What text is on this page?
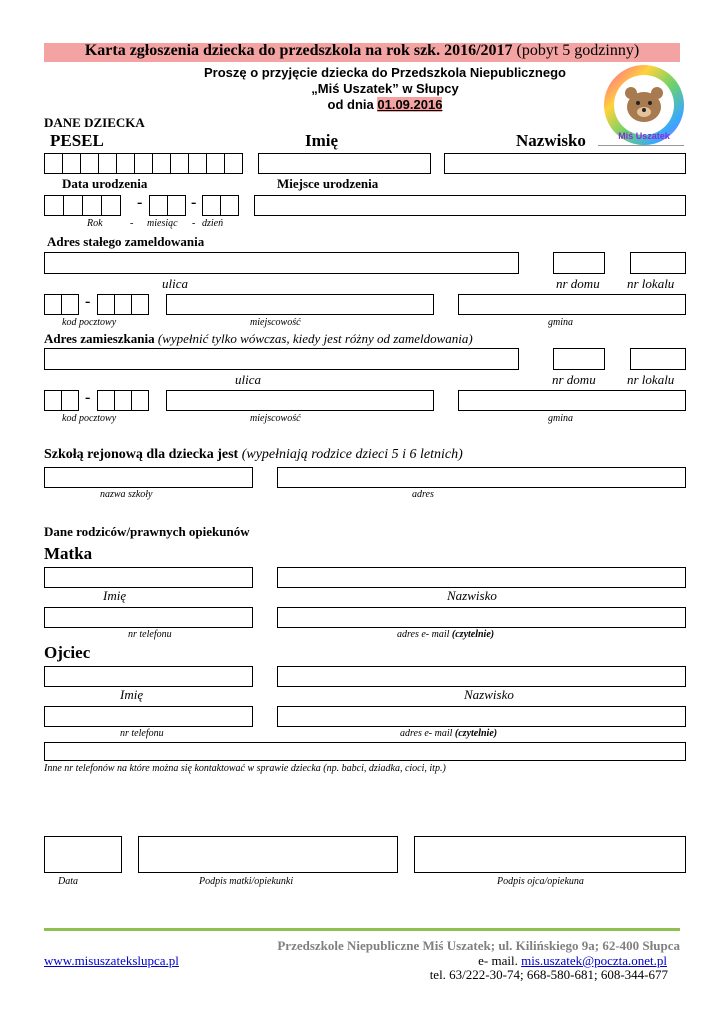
Karta zgłoszenia dziecka do przedszkola na rok szk. 2016/2017 (pobyt 5 godzinny)
Proszę o przyjęcie dziecka do Przedszkola Niepublicznego
„Miś Uszatek” w Słupcy
od dnia 01.09.2016
Miś Uszatek
DANE DZIECKA
PESEL	Imię	Nazwisko
Data urodzenia	Miejsce urodzenia
-	-
Rok	- miesiąc - dzień
Adres stałego zameldowania
ulica	nr domu nr lokalu
-
kod pocztowy	miejscowość	gmina
Adres zamieszkania (wypełnić tylko wówczas, kiedy jest różny od zameldowania)
ulica	nr domu nr lokalu
-
kod pocztowy	miejscowość	gmina
Szkołą rejonową dla dziecka jest (wypełniają rodzice dzieci 5 i 6 letnich)
nazwa szkoły	adres
Dane rodziców/prawnych opiekunów
Matka
Imię	Nazwisko
nr telefonu	adres e- mail (czytelnie)
Ojciec
Imię	Nazwisko
nr telefonu	adres e- mail (czytelnie)
Inne nr telefonów na które można się kontaktować w sprawie dziecka (np. babci, dziadka, cioci, itp.)
Data	Podpis matki/opiekunki	Podpis ojca/opiekuna
Przedszkole Niepubliczne Miś Uszatek; ul. Kilińskiego 9a; 62-400 Słupca
www.misuszatekslupca.pl	e- mail. mis.uszatek@poczta.onet.pl
tel. 63/222-30-74; 668-580-681; 608-344-677
